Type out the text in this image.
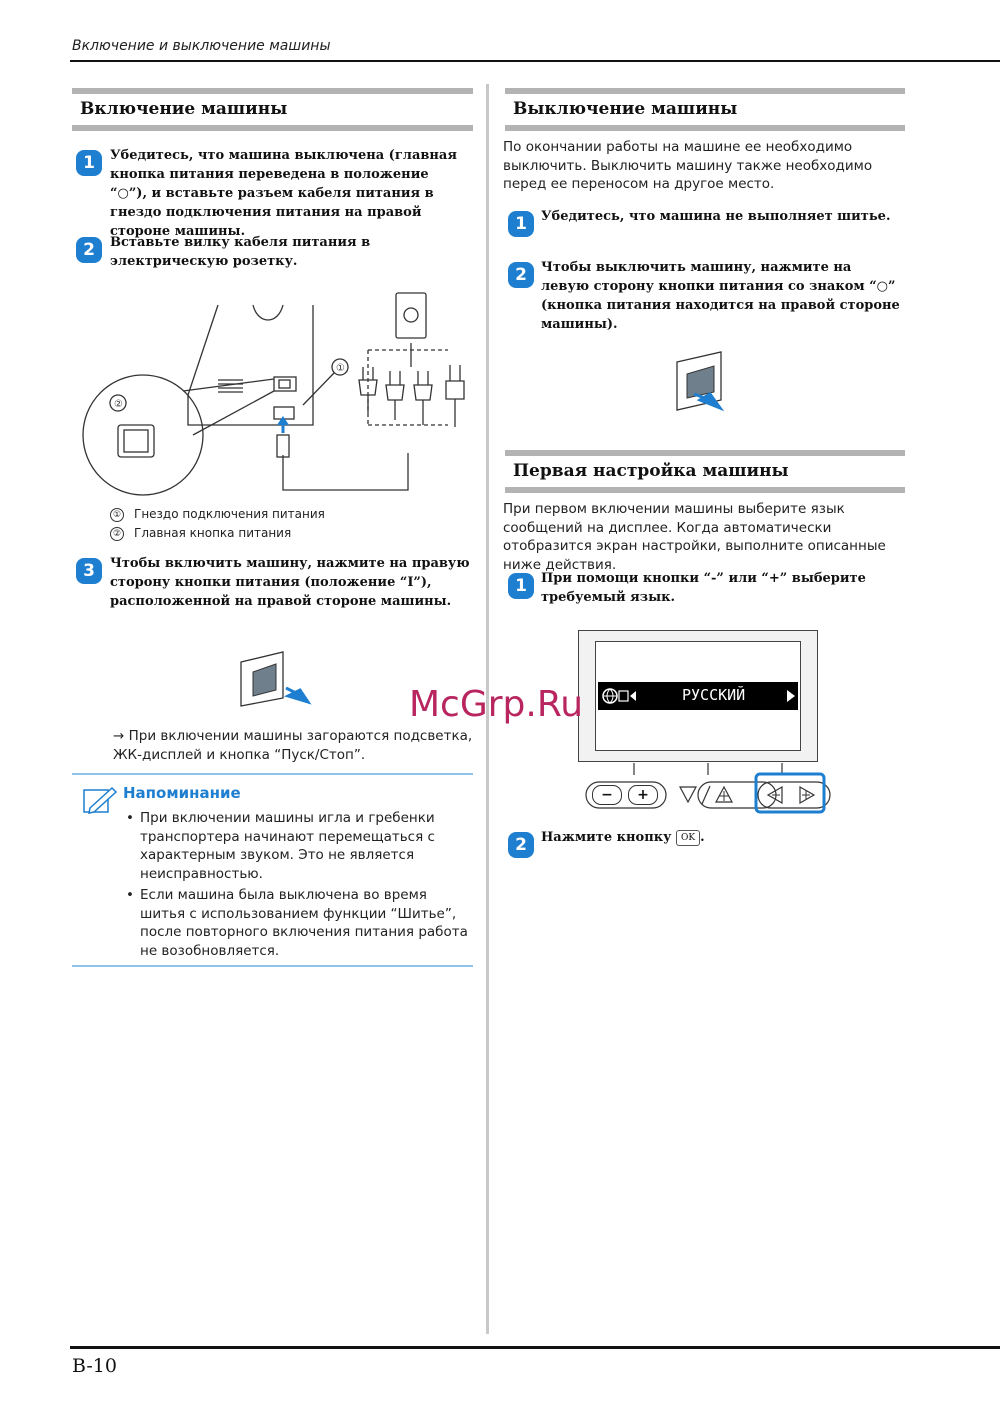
Включение и выключение машины
B-10
Включение машины
1	Убедитесь, что машина выключена (главная кнопка питания переведена в положение “○”), и вставьте разъем кабеля питания в гнездо подключения питания на правой стороне машины.
2	Вставьте вилку кабеля питания в электрическую розетку.
①
②
① Гнездо подключения питания
② Главная кнопка питания
3	Чтобы включить машину, нажмите на правую сторону кнопки питания (положение “I”), расположенной на правой стороне машины.
→ При включении машины загораются подсветка, ЖК-дисплей и кнопка “Пуск/Стоп”.
Напоминание
• При включении машины игла и гребенки транспортера начинают перемещаться с характерным звуком. Это не является неисправностью.
• Если машина была выключена во время шитья с использованием функции “Шитье”, после повторного включения питания работа не возобновляется.
Выключение машины
По окончании работы на машине ее необходимо выключить. Выключить машину также необходимо перед ее переносом на другое место.
1	Убедитесь, что машина не выполняет шитье.
2	Чтобы выключить машину, нажмите на левую сторону кнопки питания со знаком “○” (кнопка питания находится на правой стороне машины).
Первая настройка машины
При первом включении машины выберите язык сообщений на дисплее. Когда автоматически отобразится экран настройки, выполните описанные ниже действия.
1	При помощи кнопки “-” или “+” выберите требуемый язык.
РУССКИЙ
−	+
2	Нажмите кнопку OK .
McGrp.Ru
